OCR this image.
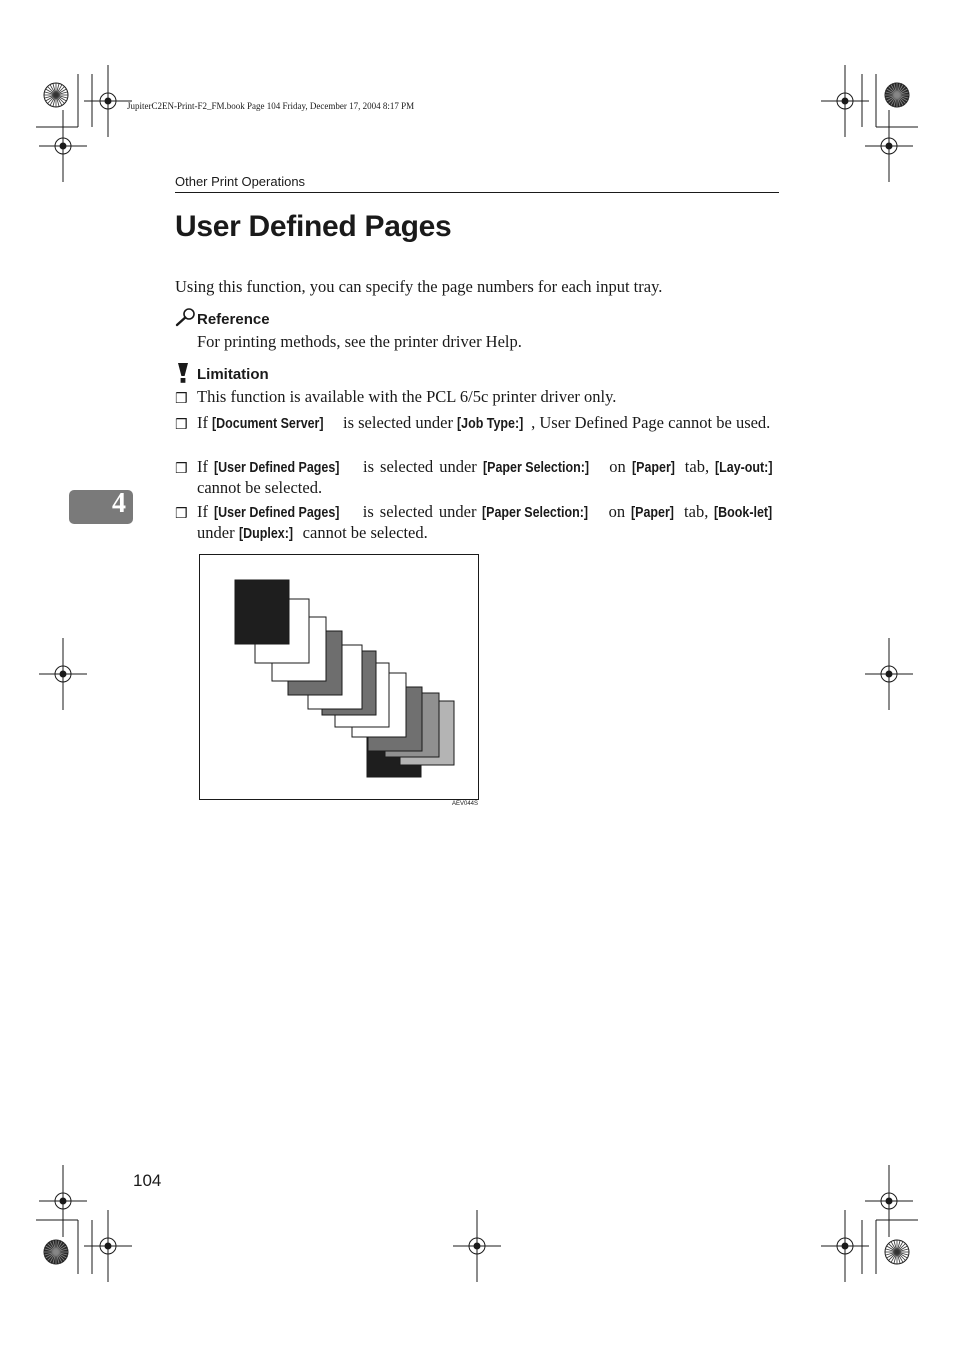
JupiterC2EN-Print-F2_FM.book Page 104 Friday, December 17, 2004 8:17 PM
Other Print Operations
User Defined Pages
Using this function, you can specify the page numbers for each input tray.
Reference
For printing methods, see the printer driver Help.
Limitation
❒ This function is available with the PCL 6/5c printer driver only.
❒ If [Document Server] is selected under [Job Type:] , User Defined Page cannot be used.
❒ If [User Defined Pages] is selected under [Paper Selection:] on [Paper] tab, [Lay-out:] cannot be selected.
❒ If [User Defined Pages] is selected under [Paper Selection:] on [Paper] tab, [Book-let] under [Duplex:] cannot be selected.
4
AEV044S
104
